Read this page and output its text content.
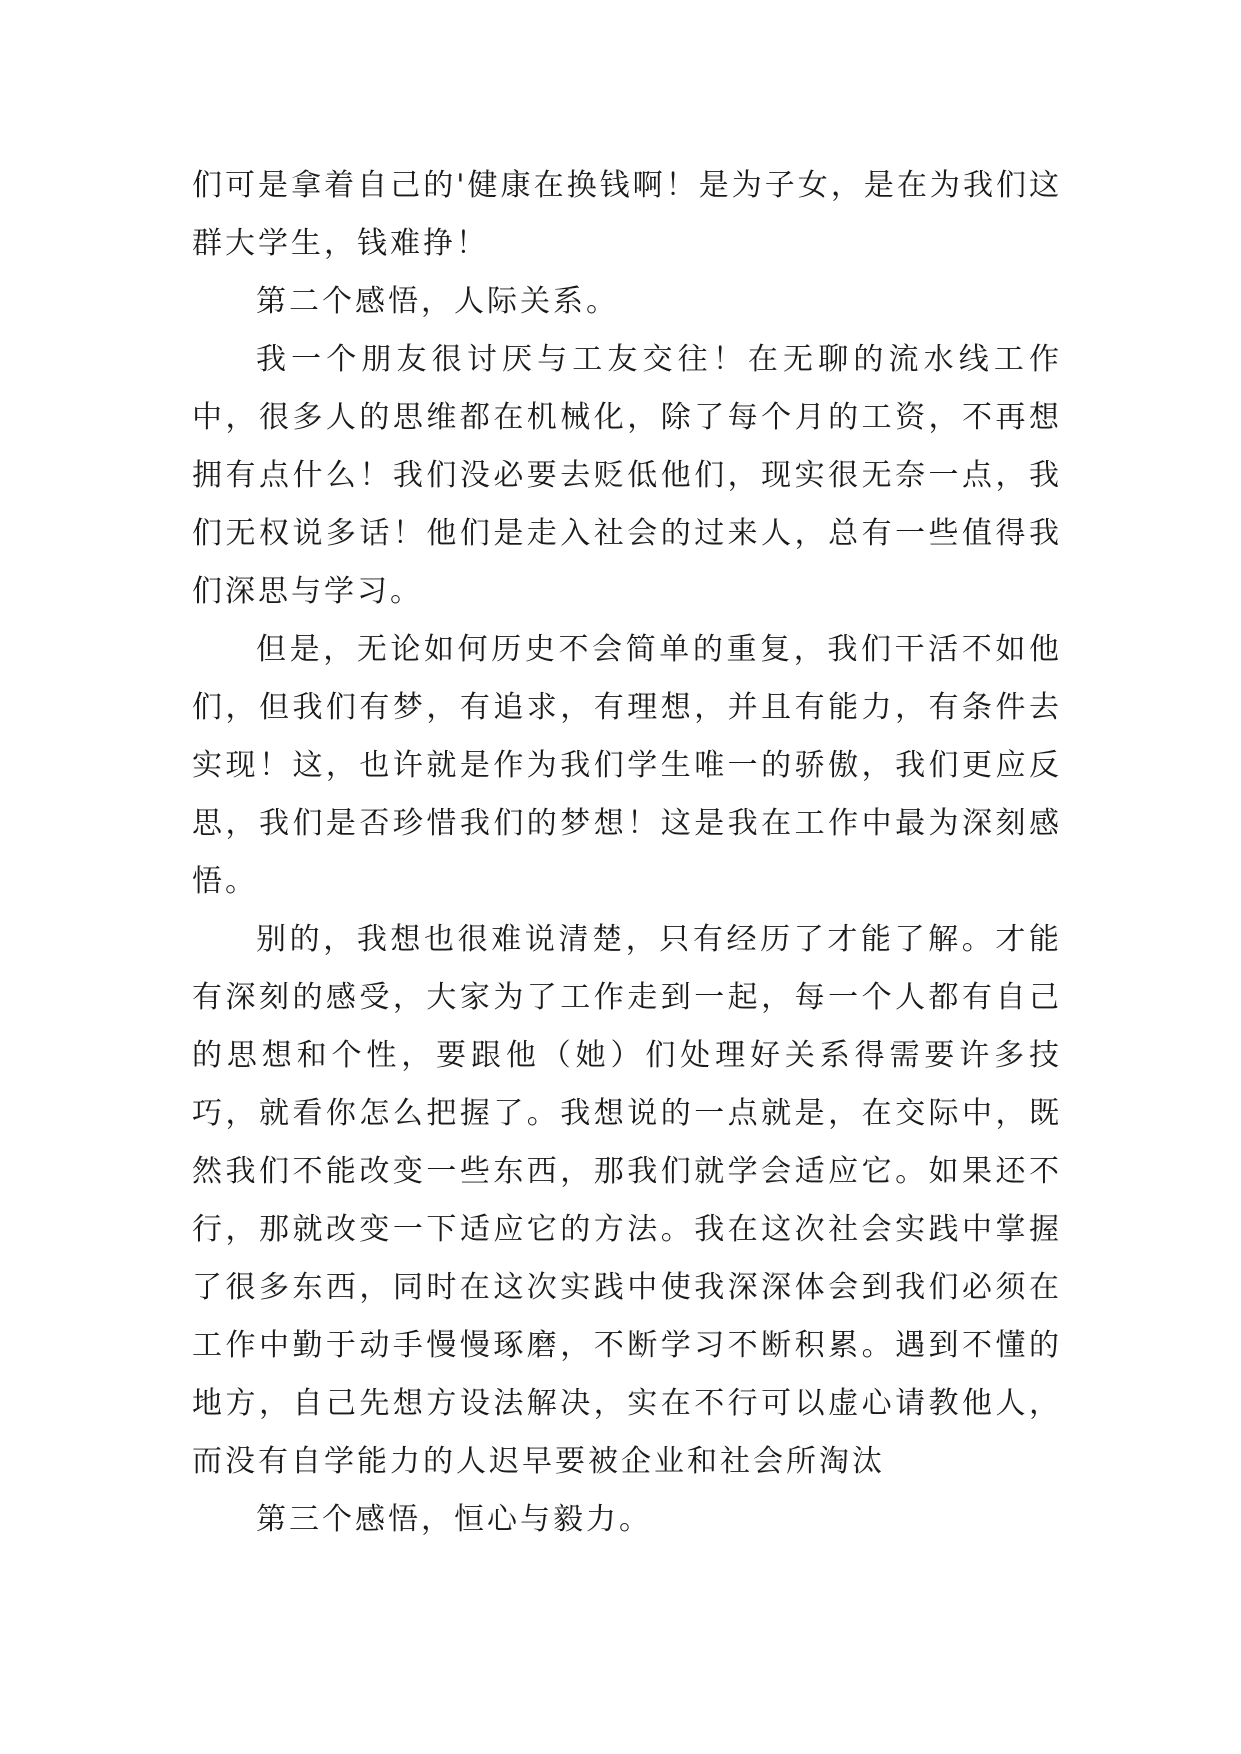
们可是拿着自己的'健康在换钱啊！是为子女，是在为我们这群大学生，钱难挣！

第二个感悟，人际关系。

我一个朋友很讨厌与工友交往！在无聊的流水线工作中，很多人的思维都在机械化，除了每个月的工资，不再想拥有点什么！我们没必要去贬低他们，现实很无奈一点，我们无权说多话！他们是走入社会的过来人，总有一些值得我们深思与学习。

但是，无论如何历史不会简单的重复，我们干活不如他们，但我们有梦，有追求，有理想，并且有能力，有条件去实现！这，也许就是作为我们学生唯一的骄傲，我们更应反思，我们是否珍惜我们的梦想！这是我在工作中最为深刻感悟。

别的，我想也很难说清楚，只有经历了才能了解。才能有深刻的感受，大家为了工作走到一起，每一个人都有自己的思想和个性，要跟他（她）们处理好关系得需要许多技巧，就看你怎么把握了。我想说的一点就是，在交际中，既然我们不能改变一些东西，那我们就学会适应它。如果还不行，那就改变一下适应它的方法。我在这次社会实践中掌握了很多东西，同时在这次实践中使我深深体会到我们必须在工作中勤于动手慢慢琢磨，不断学习不断积累。遇到不懂的地方，自己先想方设法解决，实在不行可以虚心请教他人，而没有自学能力的人迟早要被企业和社会所淘汰

第三个感悟，恒心与毅力。
